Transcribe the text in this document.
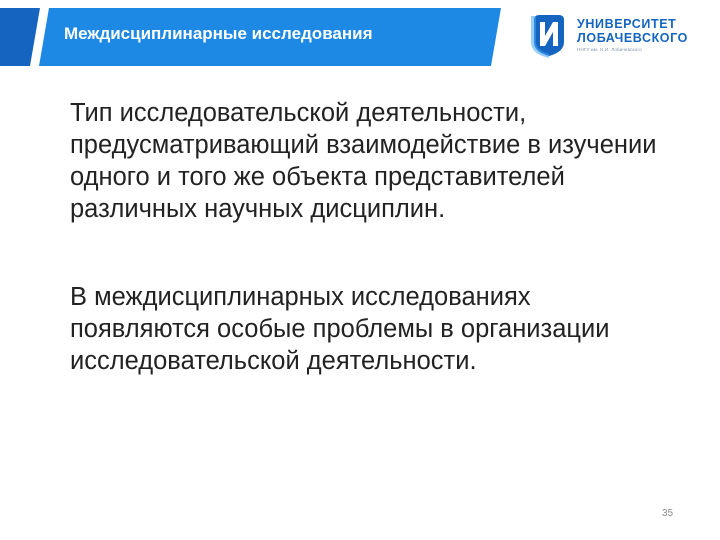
Междисциплинарные исследования	УНИВЕРСИТЕТ
ЛОБАЧЕВСКОГО
ННГУ им. Н.И. Лобачевского

Тип исследовательской деятельности, предусматривающий взаимодействие в изучении одного и того же объекта представителей различных научных дисциплин.

В междисциплинарных исследованиях появляются особые проблемы в организации исследовательской деятельности.

35
